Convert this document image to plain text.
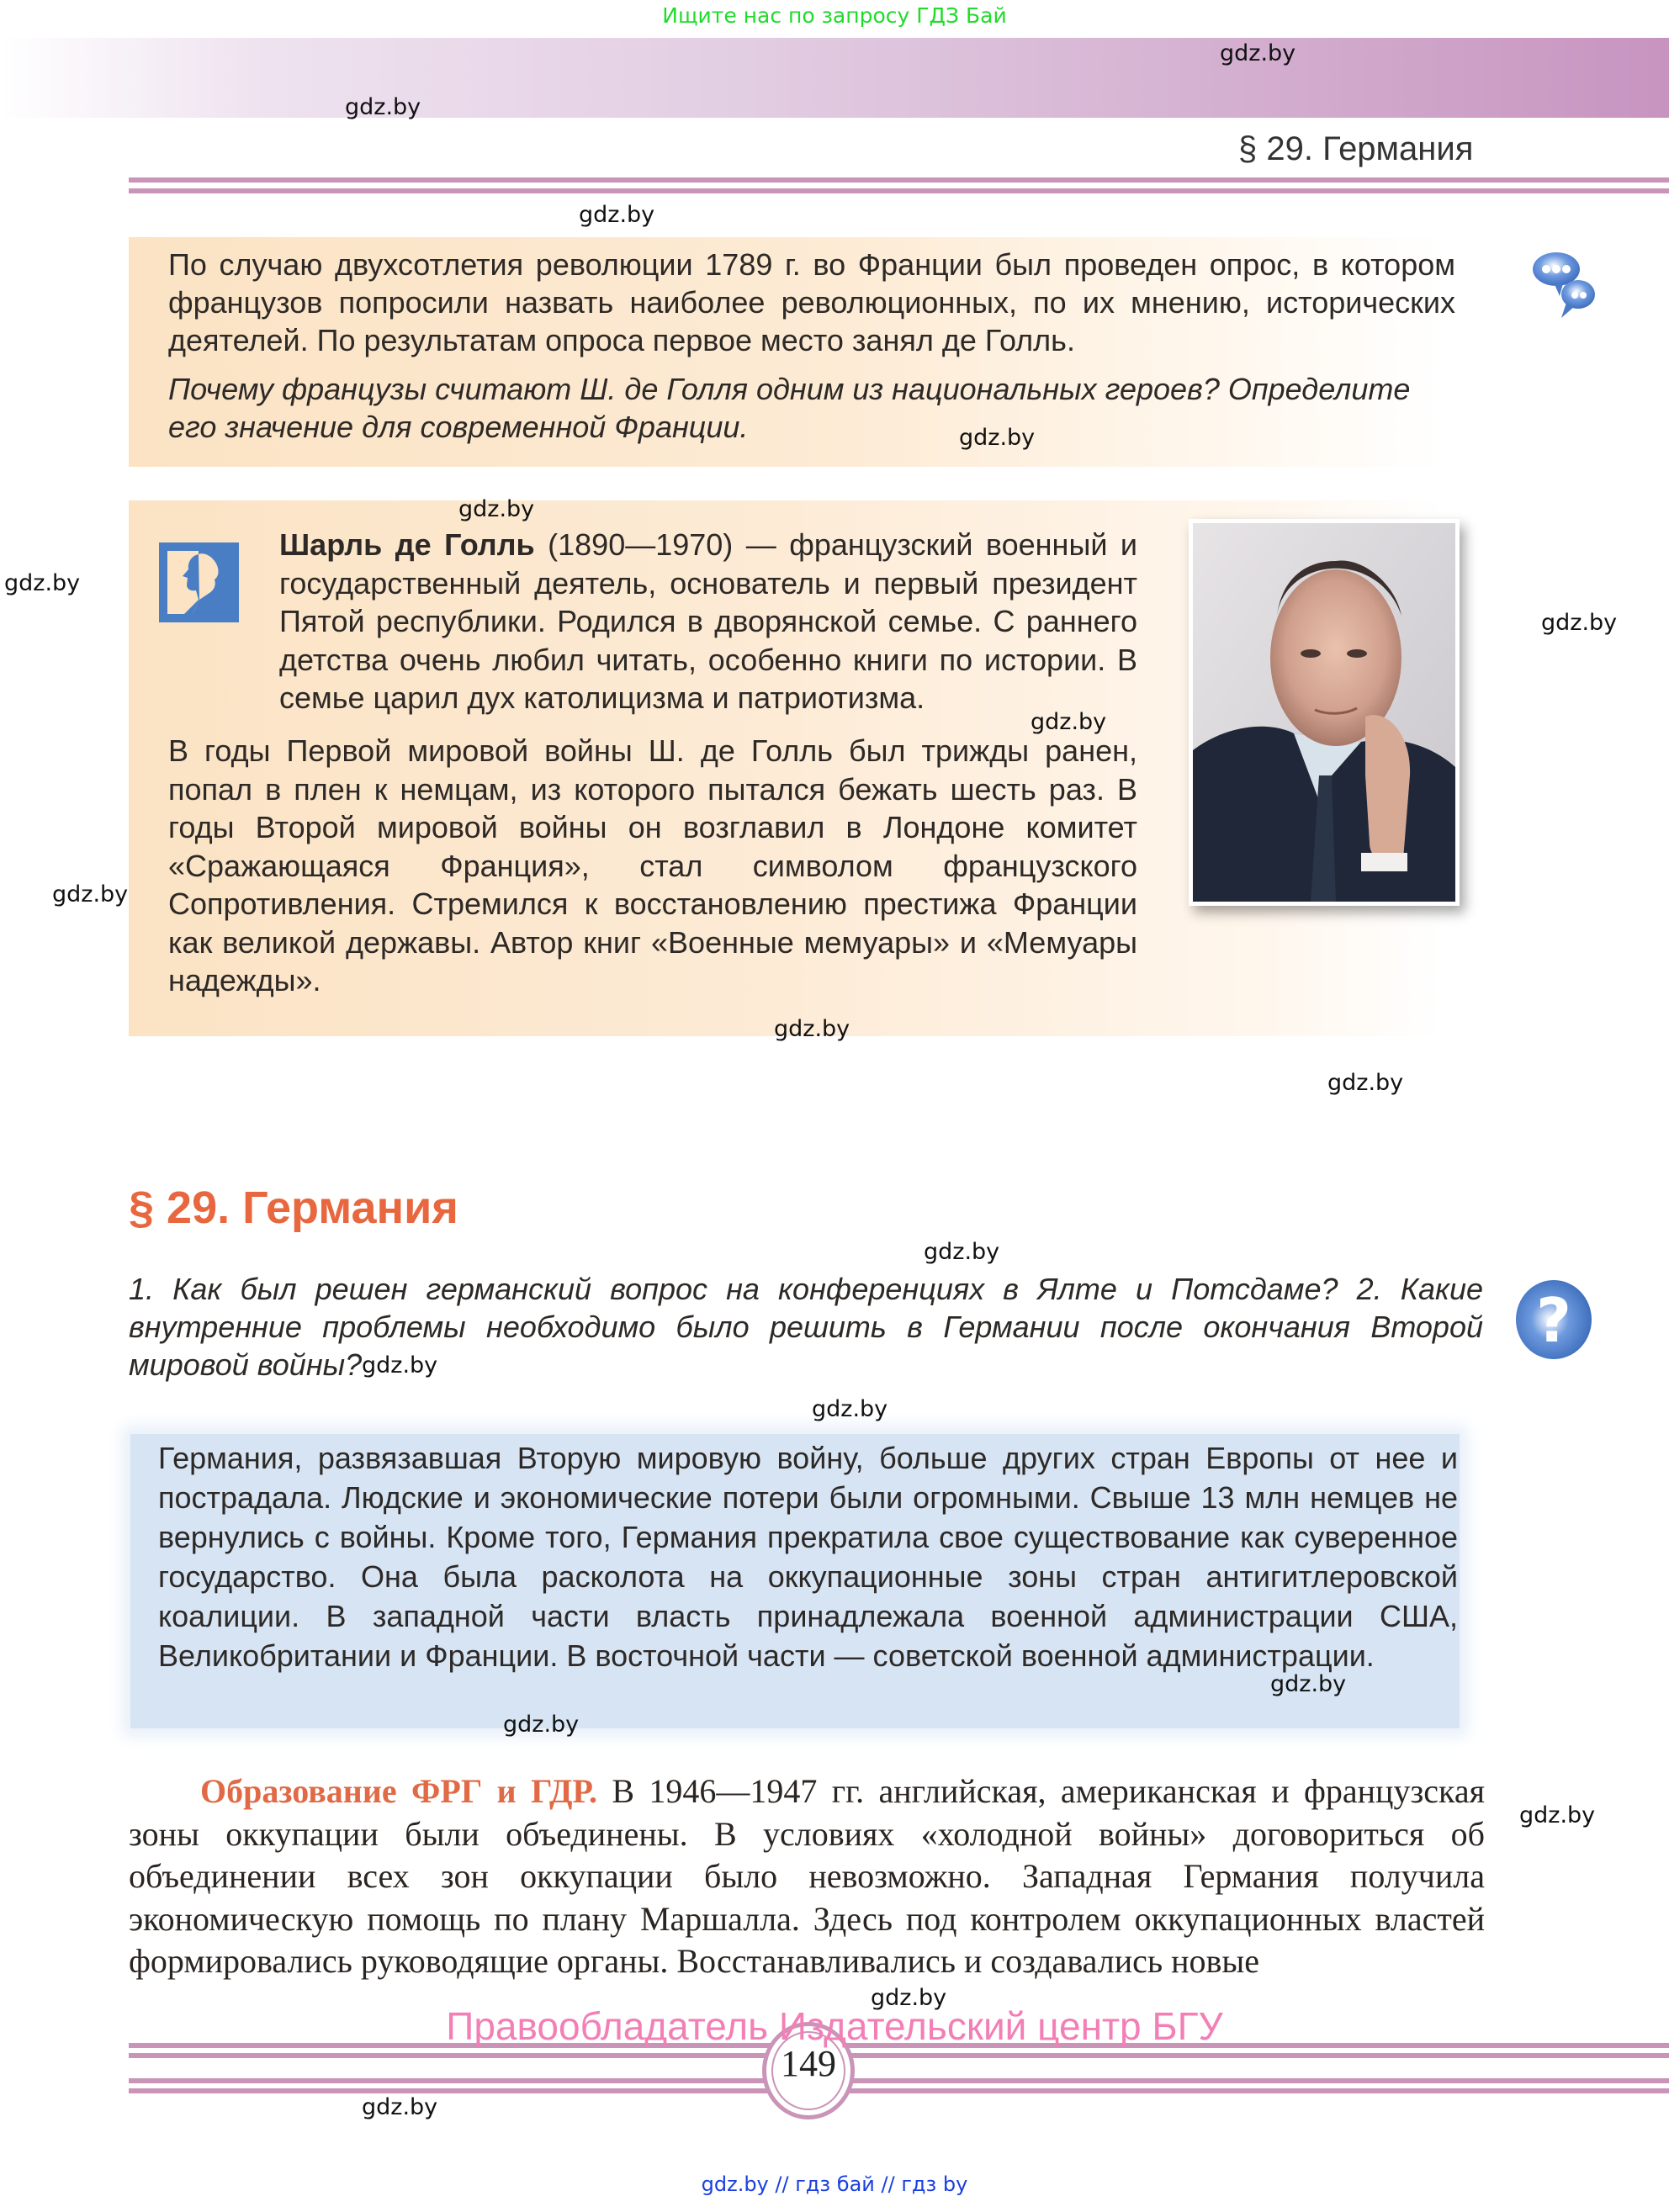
Ищите нас по запросу ГДЗ Бай
§ 29. Германия
По случаю двухсотлетия революции 1789 г. во Франции был проведен опрос, в котором французов попросили назвать наиболее революционных, по их мнению, исторических деятелей. По результатам опроса первое место занял де Голль.
Почему французы считают Ш. де Голля одним из национальных героев? Определите его значение для современной Франции.
Шарль де Голль (1890—1970) — французский военный и государственный деятель, основатель и первый президент Пятой республики. Родился в дворянской семье. С раннего детства очень любил читать, особенно книги по истории. В семье царил дух католицизма и патриотизма.
В годы Первой мировой войны Ш. де Голль был трижды ранен, попал в плен к немцам, из которого пытался бежать шесть раз. В годы Второй мировой войны он возглавил в Лондоне комитет «Сражающаяся Франция», стал символом французского Сопротивления. Стремился к восстановлению престижа Франции как великой державы. Автор книг «Военные мемуары» и «Мемуары надежды».
§ 29. Германия
1. Как был решен германский вопрос на конференциях в Ялте и Потсдаме? 2. Какие внутренние проблемы необходимо было решить в Германии после окончания Второй мировой войны?
?
Германия, развязавшая Вторую мировую войну, больше других стран Европы от нее и пострадала. Людские и экономические потери были огромными. Свыше 13 млн немцев не вернулись с войны. Кроме того, Германия прекратила свое существование как суверенное государство. Она была расколота на оккупационные зоны стран антигитлеровской коалиции. В западной части власть принадлежала военной администрации США, Великобритании и Франции. В восточной части — советской военной администрации.
Образование ФРГ и ГДР. В 1946—1947 гг. английская, американская и французская зоны оккупации были объединены. В условиях «холодной войны» договориться об объединении всех зон оккупации было невозможно. Западная Германия получила экономическую помощь по плану Маршалла. Здесь под контролем оккупационных властей формировались руководящие органы. Восстанавливались и создавались новые
Правообладатель Издательский центр БГУ
149
gdz.by // гдз бай // гдз by
gdz.by
gdz.by
gdz.by
gdz.by
gdz.by
gdz.by
gdz.by
gdz.by
gdz.by
gdz.by
gdz.by
gdz.by
gdz.by
gdz.by
gdz.by
gdz.by
gdz.by
gdz.by
gdz.by
